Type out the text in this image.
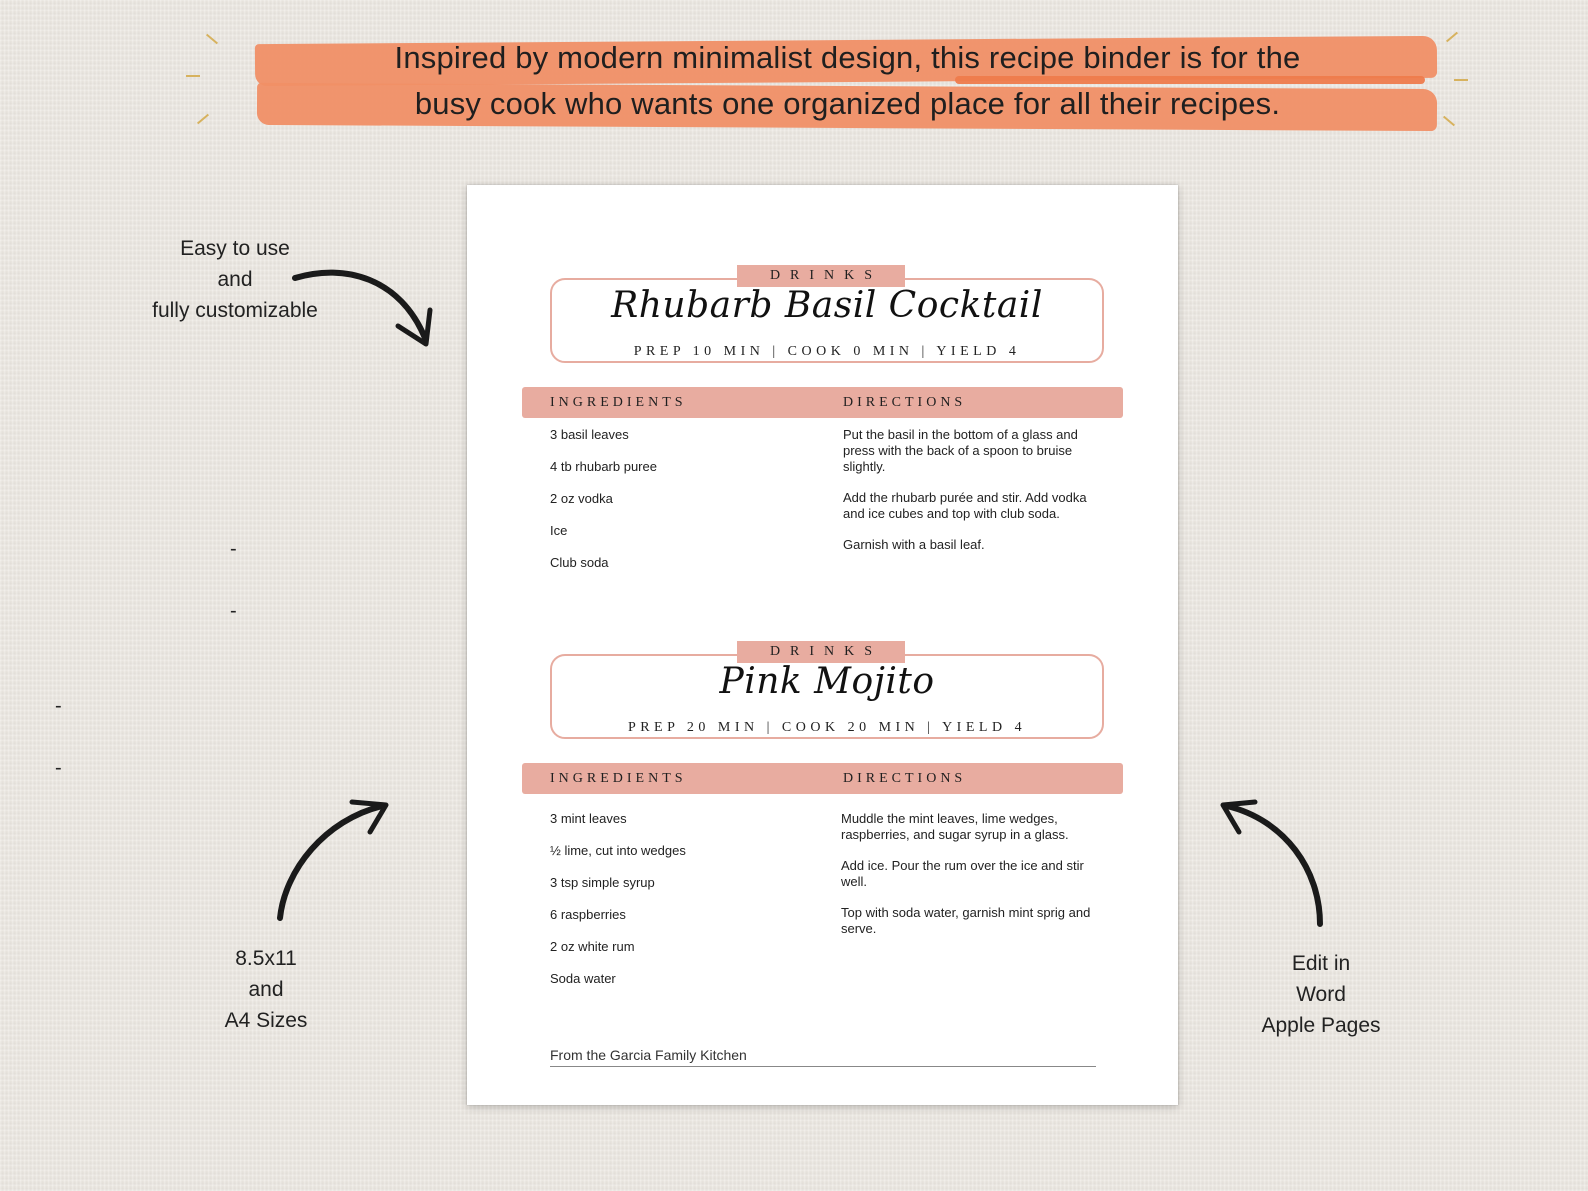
Inspired by modern minimalist design, this recipe binder is for the
busy cook who wants one organized place for all their recipes.
Easy to use
and
fully customizable
-
-
-
-
8.5x11
and
A4 Sizes
Edit in
Word
Apple Pages
DRINKS
Rhubarb Basil Cocktail
PREP 10 MIN | COOK 0 MIN | YIELD 4
INGREDIENTS	DIRECTIONS
3 basil leaves
4 tb rhubarb puree
2 oz vodka
Ice
Club soda
Put the basil in the bottom of a glass and press with the back of a spoon to bruise slightly.
Add the rhubarb purée and stir. Add vodka and ice cubes and top with club soda.
Garnish with a basil leaf.
DRINKS
Pink Mojito
PREP 20 MIN | COOK 20 MIN | YIELD 4
INGREDIENTS	DIRECTIONS
3 mint leaves
½ lime, cut into wedges
3 tsp simple syrup
6 raspberries
2 oz white rum
Soda water
Muddle the mint leaves, lime wedges, raspberries, and sugar syrup in a glass.
Add ice. Pour the rum over the ice and stir well.
Top with soda water, garnish mint sprig and serve.
From the Garcia Family Kitchen
